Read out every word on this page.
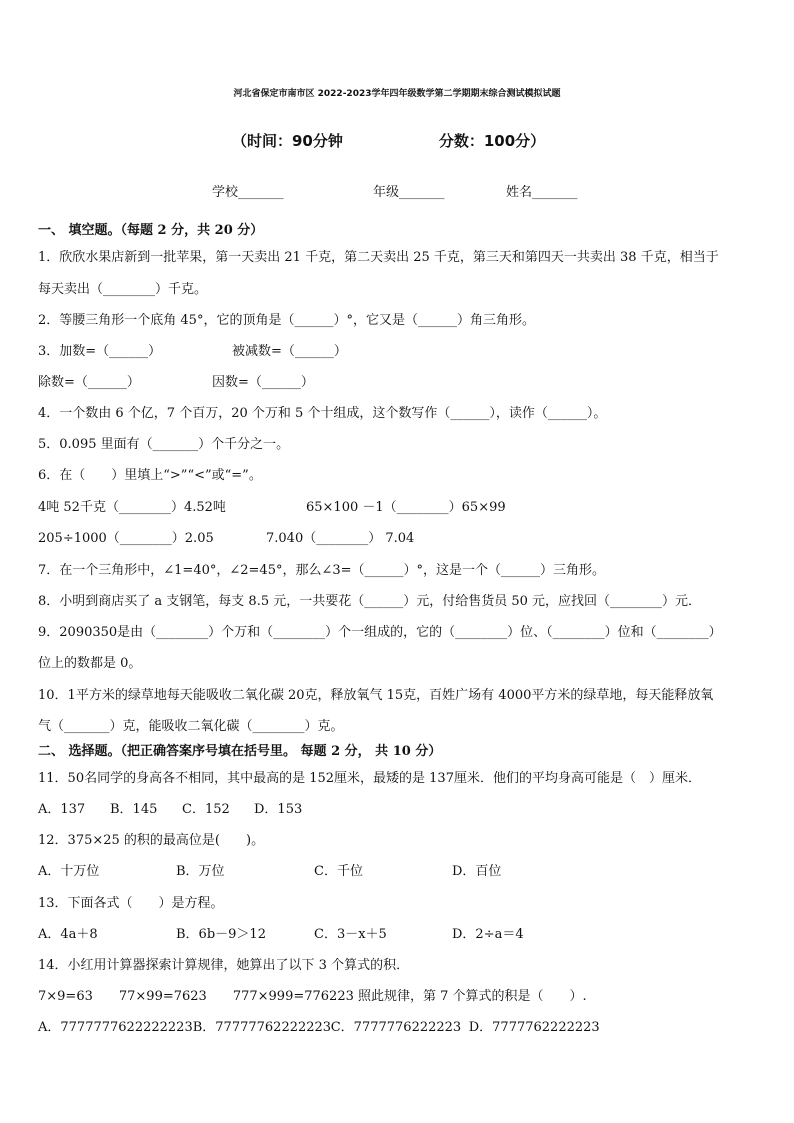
河北省保定市南市区 2022-2023学年四年级数学第二学期期末综合测试模拟试题
（时间：90分钟	分数：100分）
学校_______	年级_______	姓名_______
一、 填空题。（每题 2 分，共 20 分）
1．欣欣水果店新到一批苹果，第一天卖出 21 千克，第二天卖出 25 千克，第三天和第四天一共卖出 38 千克，相当于
每天卖出（________）千克。
2．等腰三角形一个底角 45°，它的顶角是（______）°，它又是（______）角三角形。
3．加数=（______）	被减数=（______）
除数=（______）	因数=（______）
4．一个数由 6 个亿，7 个百万，20 个万和 5 个十组成，这个数写作（______），读作（______）。
5．0.095 里面有（_______）个千分之一。
6．在（　　）里填上“>”“<”或“=”。
4吨 52千克（________）4.52吨	65×100 －1（________）65×99
205÷1000（________）2.05	7.040（________） 7.04
7．在一个三角形中，∠1=40°，∠2=45°，那么∠3=（______）°，这是一个（______）三角形。
8．小明到商店买了 a 支钢笔，每支 8.5 元，一共要花（______）元，付给售货员 50 元，应找回（________）元．
9．2090350是由（________）个万和（________）个一组成的，它的（________）位、（________）位和（________）
位上的数都是 0。
10．1平方米的绿草地每天能吸收二氧化碳 20克，释放氧气 15克，百姓广场有 4000平方米的绿草地，每天能释放氧
气（_______）克，能吸收二氧化碳（________）克。
二、 选择题。（把正确答案序号填在括号里。 每题 2 分， 共 10 分）
11．50名同学的身高各不相同，其中最高的是 152厘米，最矮的是 137厘米．他们的平均身高可能是（　）厘米．
A．137 B．145 C．152 D．153
12．375×25 的积的最高位是(　　)。
A．十万位	B．万位	C．千位	D．百位
13．下面各式（　　）是方程。
A．4a＋8	B．6b－9＞12	C．3－x＋5	D．2÷a＝4
14．小红用计算器探索计算规律，她算出了以下 3 个算式的积．
7×9=63　　77×99=7623　　777×999=776223 照此规律，第 7 个算式的积是（　　）.
A．7777777622222223B．77777762222223C．7777776222223 D．7777762222223
